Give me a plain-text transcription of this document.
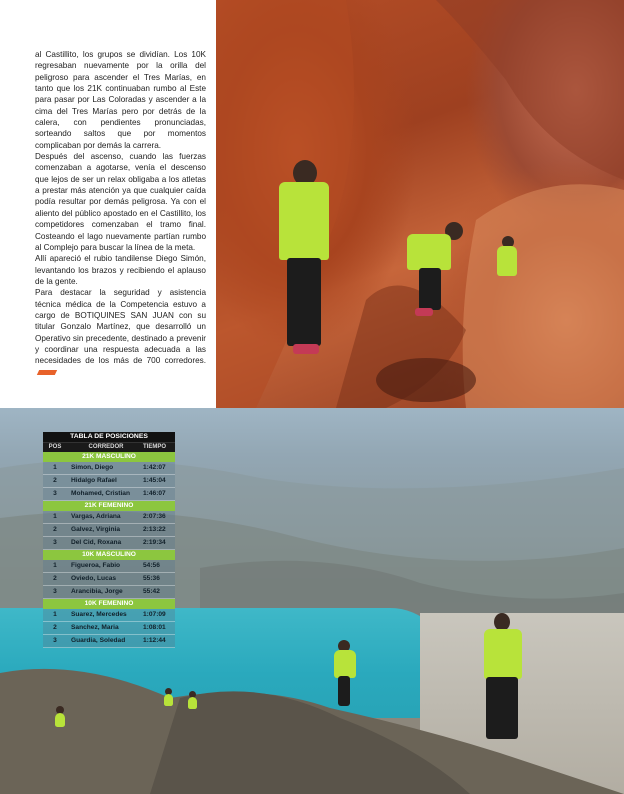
al Castillito, los grupos se dividían. Los 10K regresaban nuevamente por la orilla del peligroso para ascender el Tres Marías, en tanto que los 21K continuaban rumbo al Este para pasar por Las Coloradas y ascender a la cima del Tres Marías pero por detrás de la calera, con pendientes pronunciadas, sorteando saltos que por momentos complicaban por demás la carrera.

Después del ascenso, cuando las fuerzas comenzaban a agotarse, venía el descenso que lejos de ser un relax obligaba a los atletas a prestar más atención ya que cualquier caída podía resultar por demás peligrosa. Ya con el aliento del público apostado en el Castillito, los competidores comenzaban el tramo final. Costeando el lago nuevamente partían rumbo al Complejo para buscar la línea de la meta.

Allí apareció el rubio tandilense Diego Simón, levantando los brazos y recibiendo el aplauso de la gente.

Para destacar la seguridad y asistencia técnica médica de la Competencia estuvo a cargo de BOTIQUINES SAN JUAN con su titular Gonzalo Martínez, que desarrolló un Operativo sin precedente, destinado a prevenir y coordinar una respuesta adecuada a las necesidades de los más de 700 corredores.

TABLA DE POSICIONES
POS	CORREDOR	TIEMPO
21K MASCULINO
1	Simon, Diego	1:42:07
2	Hidalgo Rafael	1:45:04
3	Mohamed, Cristian	1:46:07
21K FEMENINO
1	Vargas, Adriana	2:07:36
2	Galvez, Virginia	2:13:22
3	Del Cid, Roxana	2:19:34
10K MASCULINO
1	Figueroa, Fabio	54:56
2	Oviedo, Lucas	55:36
3	Arancibia, Jorge	55:42
10K FEMENINO
1	Suarez, Mercedes	1:07:09
2	Sanchez, Maria	1:08:01
3	Guardia, Soledad	1:12:44
